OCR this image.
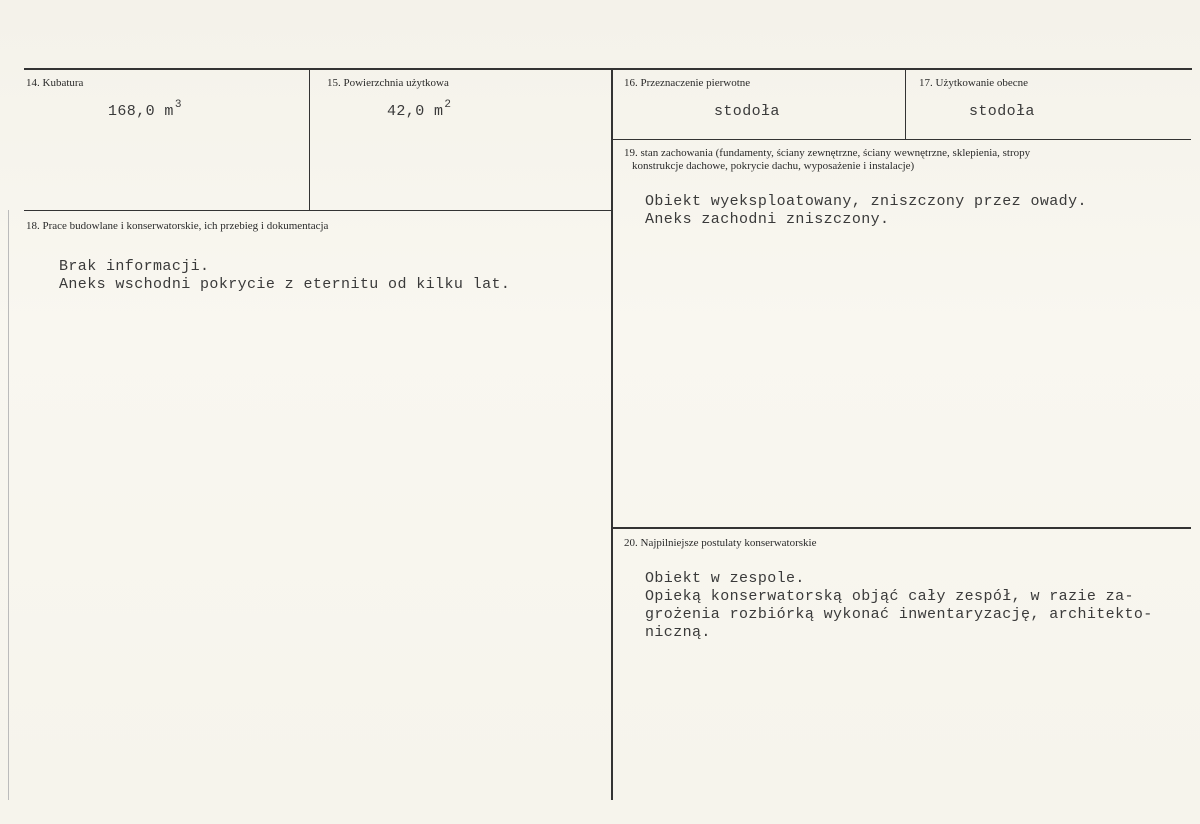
14. Kubatura
168,0 $m^3$
15. Powierzchnia użytkowa
42,0 $m^2$
16. Przeznaczenie pierwotne
stodoła
17. Użytkowanie obecne
stodoła
18. Prace budowlane i konserwatorskie, ich przebieg i dokumentacja
Brak informacji.
Aneks wschodni pokrycie z eternitu od kilku lat.
19. stan zachowania (fundamenty, ściany zewnętrzne, ściany wewnętrzne, sklepienia, stropy
konstrukcje dachowe, pokrycie dachu, wyposażenie i instalacje)
Obiekt wyeksploatowany, zniszczony przez owady.
Aneks zachodni zniszczony.
20. Najpilniejsze postulaty konserwatorskie
Obiekt w zespole.
Opieką konserwatorską objąć cały zespół, w razie za-
grożenia rozbiórką wykonać inwentaryzację, architekto-
niczną.
